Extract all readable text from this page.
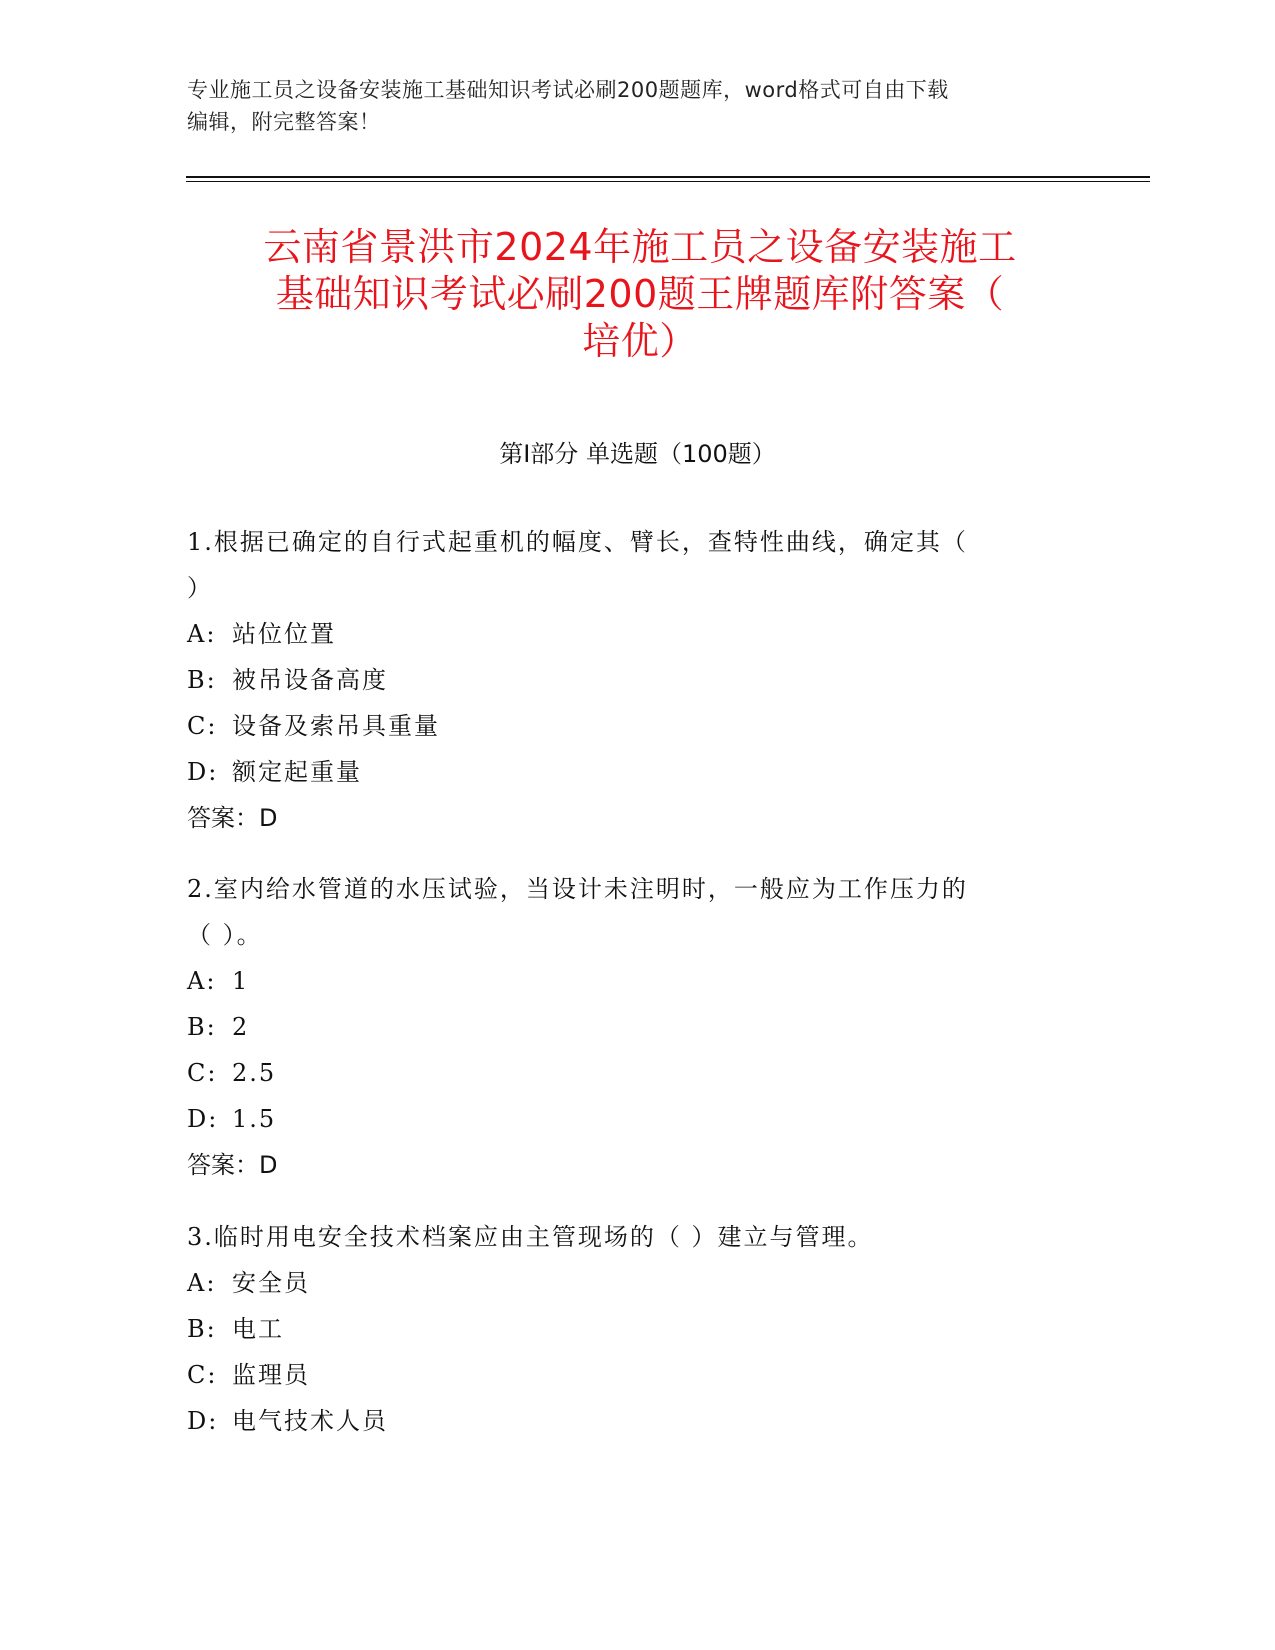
专业施工员之设备安装施工基础知识考试必刷200题题库，word格式可自由下载
编辑，附完整答案！
云南省景洪市2024年施工员之设备安装施工
基础知识考试必刷200题王牌题库附答案（
培优）
第Ⅰ部分 单选题（100题）
1.根据已确定的自行式起重机的幅度、臂长，查特性曲线，确定其（
）
A: 站位位置
B: 被吊设备高度
C: 设备及索吊具重量
D: 额定起重量
答案：D
2.室内给水管道的水压试验，当设计未注明时，一般应为工作压力的
（ ）。
A: 1
B: 2
C: 2.5
D: 1.5
答案：D
3.临时用电安全技术档案应由主管现场的（ ）建立与管理。
A: 安全员
B: 电工
C: 监理员
D: 电气技术人员
